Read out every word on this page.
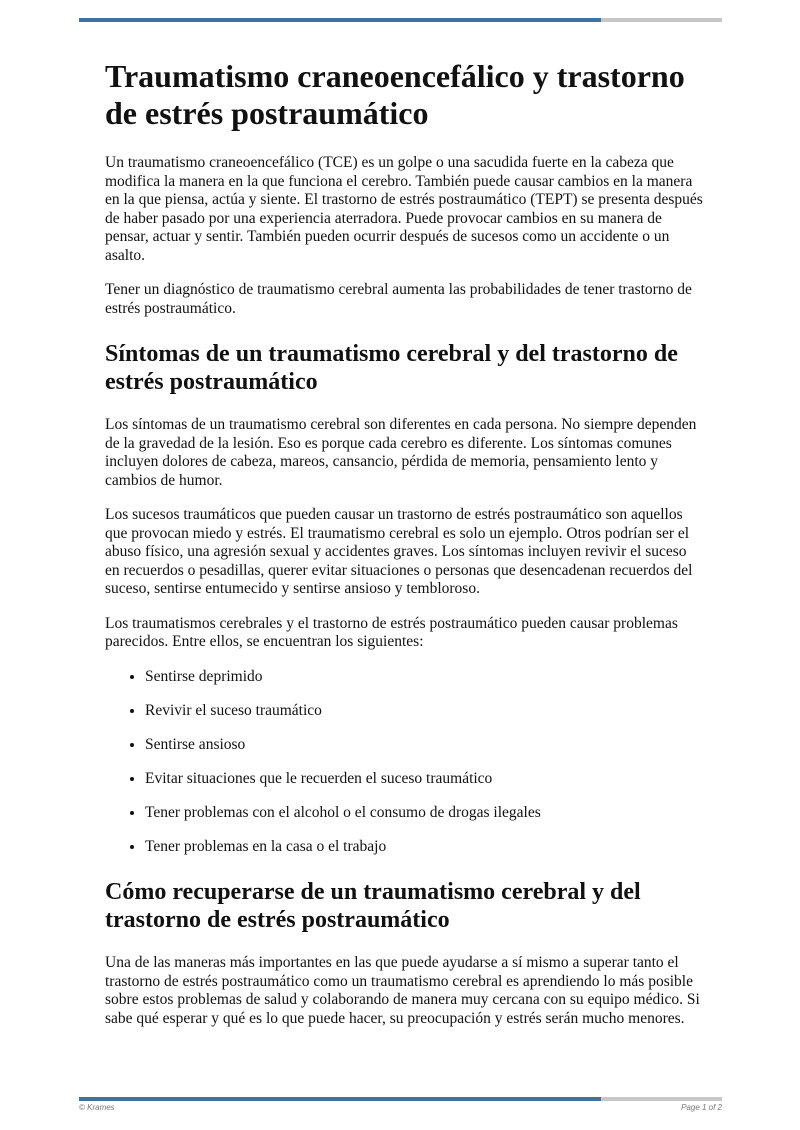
Traumatismo craneoencefálico y trastorno de estrés postraumático

Un traumatismo craneoencefálico (TCE) es un golpe o una sacudida fuerte en la cabeza que modifica la manera en la que funciona el cerebro. También puede causar cambios en la manera en la que piensa, actúa y siente. El trastorno de estrés postraumático (TEPT) se presenta después de haber pasado por una experiencia aterradora. Puede provocar cambios en su manera de pensar, actuar y sentir. También pueden ocurrir después de sucesos como un accidente o un asalto.

Tener un diagnóstico de traumatismo cerebral aumenta las probabilidades de tener trastorno de estrés postraumático.

Síntomas de un traumatismo cerebral y del trastorno de estrés postraumático

Los síntomas de un traumatismo cerebral son diferentes en cada persona. No siempre dependen de la gravedad de la lesión. Eso es porque cada cerebro es diferente. Los síntomas comunes incluyen dolores de cabeza, mareos, cansancio, pérdida de memoria, pensamiento lento y cambios de humor.

Los sucesos traumáticos que pueden causar un trastorno de estrés postraumático son aquellos que provocan miedo y estrés. El traumatismo cerebral es solo un ejemplo. Otros podrían ser el abuso físico, una agresión sexual y accidentes graves. Los síntomas incluyen revivir el suceso en recuerdos o pesadillas, querer evitar situaciones o personas que desencadenan recuerdos del suceso, sentirse entumecido y sentirse ansioso y tembloroso.

Los traumatismos cerebrales y el trastorno de estrés postraumático pueden causar problemas parecidos. Entre ellos, se encuentran los siguientes:

• Sentirse deprimido
• Revivir el suceso traumático
• Sentirse ansioso
• Evitar situaciones que le recuerden el suceso traumático
• Tener problemas con el alcohol o el consumo de drogas ilegales
• Tener problemas en la casa o el trabajo
Cómo recuperarse de un traumatismo cerebral y del trastorno de estrés postraumático

Una de las maneras más importantes en las que puede ayudarse a sí mismo a superar tanto el trastorno de estrés postraumático como un traumatismo cerebral es aprendiendo lo más posible sobre estos problemas de salud y colaborando de manera muy cercana con su equipo médico. Si sabe qué esperar y qué es lo que puede hacer, su preocupación y estrés serán mucho menores.

© Krames	Page 1 of 2
